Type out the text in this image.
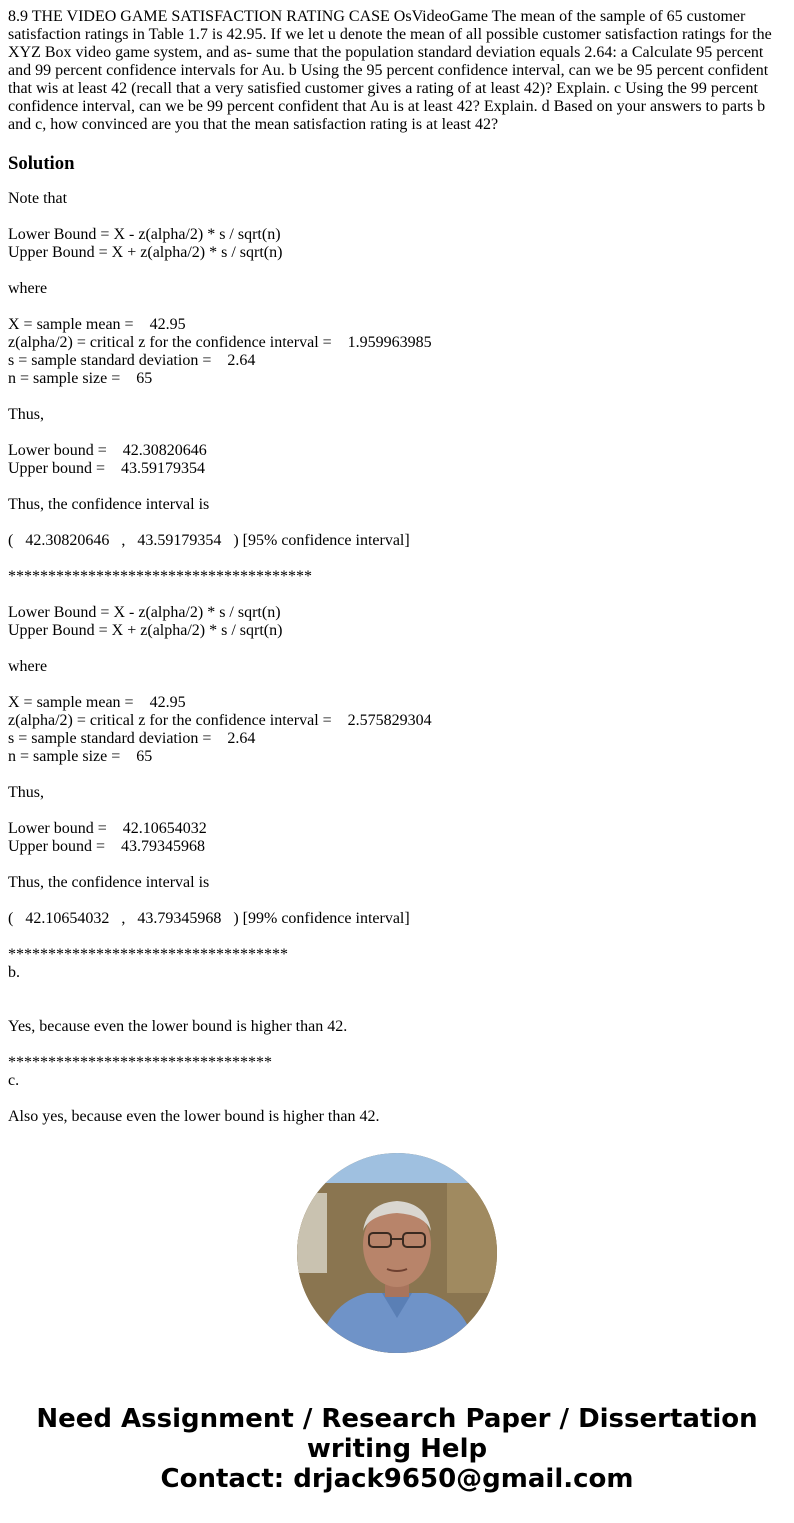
8.9 THE VIDEO GAME SATISFACTION RATING CASE OsVideoGame The mean of the sample of 65 customer satisfaction ratings in Table 1.7 is 42.95. If we let u denote the mean of all possible customer satisfaction ratings for the XYZ Box video game system, and as- sume that the population standard deviation equals 2.64: a Calculate 95 percent and 99 percent confidence intervals for Au. b Using the 95 percent confidence interval, can we be 95 percent confident that wis at least 42 (recall that a very satisfied customer gives a rating of at least 42)? Explain. c Using the 99 percent confidence interval, can we be 99 percent confident that Au is at least 42? Explain. d Based on your answers to parts b and c, how convinced are you that the mean satisfaction rating is at least 42?

Solution
Note that
Lower Bound = X - z(alpha/2) * s / sqrt(n)
Upper Bound = X + z(alpha/2) * s / sqrt(n)
where
X = sample mean =    42.95
z(alpha/2) = critical z for the confidence interval =    1.959963985
s = sample standard deviation =    2.64
n = sample size =    65
Thus,
Lower bound =    42.30820646
Upper bound =    43.59179354
Thus, the confidence interval is
(   42.30820646   ,   43.59179354   ) [95% confidence interval]
**************************************
Lower Bound = X - z(alpha/2) * s / sqrt(n)
Upper Bound = X + z(alpha/2) * s / sqrt(n)
where
X = sample mean =    42.95
z(alpha/2) = critical z for the confidence interval =    2.575829304
s = sample standard deviation =    2.64
n = sample size =    65
Thus,
Lower bound =    42.10654032
Upper bound =    43.79345968
Thus, the confidence interval is
(   42.10654032   ,   43.79345968   ) [99% confidence interval]
***********************************
b.
Yes, because even the lower bound is higher than 42.
*********************************
c.
Also yes, because even the lower bound is higher than 42.
Need Assignment / Research Paper / Dissertation
writing Help
Contact: drjack9650@gmail.com
